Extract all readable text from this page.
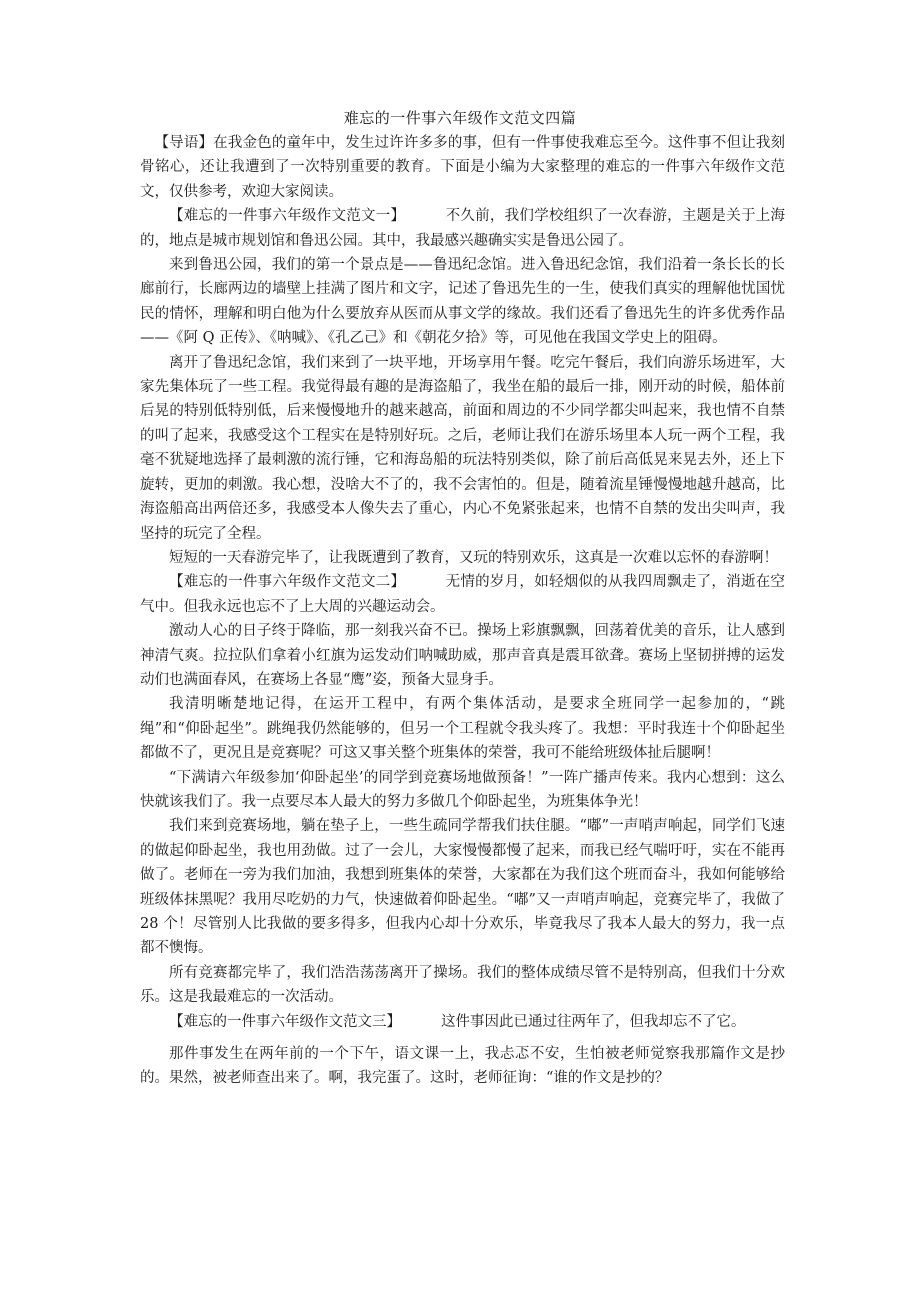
难忘的一件事六年级作文范文四篇

【导语】在我金色的童年中，发生过许许多多的事，但有一件事使我难忘至今。这件事不但让我刻骨铭心，还让我遭到了一次特别重要的教育。下面是小编为大家整理的难忘的一件事六年级作文范文，仅供参考，欢迎大家阅读。

【难忘的一件事六年级作文范文一】	不久前，我们学校组织了一次春游，主题是关于上海的，地点是城市规划馆和鲁迅公园。其中，我最感兴趣确实实是鲁迅公园了。

来到鲁迅公园，我们的第一个景点是——鲁迅纪念馆。进入鲁迅纪念馆，我们沿着一条长长的长廊前行，长廊两边的墙壁上挂满了图片和文字，记述了鲁迅先生的一生，使我们真实的理解他忧国忧民的情怀，理解和明白他为什么要放弃从医而从事文学的缘故。我们还看了鲁迅先生的许多优秀作品——《阿 Q 正传》、《呐喊》、《孔乙己》和《朝花夕拾》等，可见他在我国文学史上的阻碍。

离开了鲁迅纪念馆，我们来到了一块平地，开场享用午餐。吃完午餐后，我们向游乐场进军，大家先集体玩了一些工程。我觉得最有趣的是海盗船了，我坐在船的最后一排，刚开动的时候，船体前后晃的特别低特别低，后来慢慢地升的越来越高，前面和周边的不少同学都尖叫起来，我也情不自禁的叫了起来，我感受这个工程实在是特别好玩。之后，老师让我们在游乐场里本人玩一两个工程，我毫不犹疑地选择了最刺激的流行锤，它和海岛船的玩法特别类似，除了前后高低晃来晃去外，还上下旋转，更加的刺激。我心想，没啥大不了的，我不会害怕的。但是，随着流星锤慢慢地越升越高，比海盗船高出两倍还多，我感受本人像失去了重心，内心不免紧张起来，也情不自禁的发出尖叫声，我坚持的玩完了全程。

短短的一天春游完毕了，让我既遭到了教育，又玩的特别欢乐，这真是一次难以忘怀的春游啊！

【难忘的一件事六年级作文范文二】	无情的岁月，如轻烟似的从我四周飘走了，消逝在空气中。但我永远也忘不了上大周的兴趣运动会。

激动人心的日子终于降临，那一刻我兴奋不已。操场上彩旗飘飘，回荡着优美的音乐，让人感到神清气爽。拉拉队们拿着小红旗为运发动们呐喊助威，那声音真是震耳欲聋。赛场上坚韧拼搏的运发动们也满面春风，在赛场上各显“鹰”姿，预备大显身手。

我清明晰楚地记得，在运开工程中，有两个集体活动，是要求全班同学一起参加的，“跳绳”和“仰卧起坐”。跳绳我仍然能够的，但另一个工程就令我头疼了。我想：平时我连十个仰卧起坐都做不了，更况且是竞赛呢？可这又事关整个班集体的荣誉，我可不能给班级体扯后腿啊！

“下满请六年级参加‘仰卧起坐’的同学到竞赛场地做预备！”一阵广播声传来。我内心想到：这么快就该我们了。我一点要尽本人最大的努力多做几个仰卧起坐，为班集体争光！

我们来到竞赛场地，躺在垫子上，一些生疏同学帮我们扶住腿。“嘟”一声哨声响起，同学们飞速的做起仰卧起坐，我也用劲做。过了一会儿，大家慢慢都慢了起来，而我已经气喘吁吁，实在不能再做了。老师在一旁为我们加油，我想到班集体的荣誉，大家都在为我们这个班而奋斗，我如何能够给班级体抹黑呢？我用尽吃奶的力气，快速做着仰卧起坐。“嘟”又一声哨声响起，竞赛完毕了，我做了 28 个！尽管别人比我做的要多得多，但我内心却十分欢乐，毕竟我尽了我本人最大的努力，我一点都不懊悔。

所有竞赛都完毕了，我们浩浩荡荡离开了操场。我们的整体成绩尽管不是特别高，但我们十分欢乐。这是我最难忘的一次活动。

【难忘的一件事六年级作文范文三】	这件事因此已通过往两年了，但我却忘不了它。

那件事发生在两年前的一个下午，语文课一上，我忐忑不安，生怕被老师觉察我那篇作文是抄的。果然，被老师查出来了。啊，我完蛋了。这时，老师征询：“谁的作文是抄的？
